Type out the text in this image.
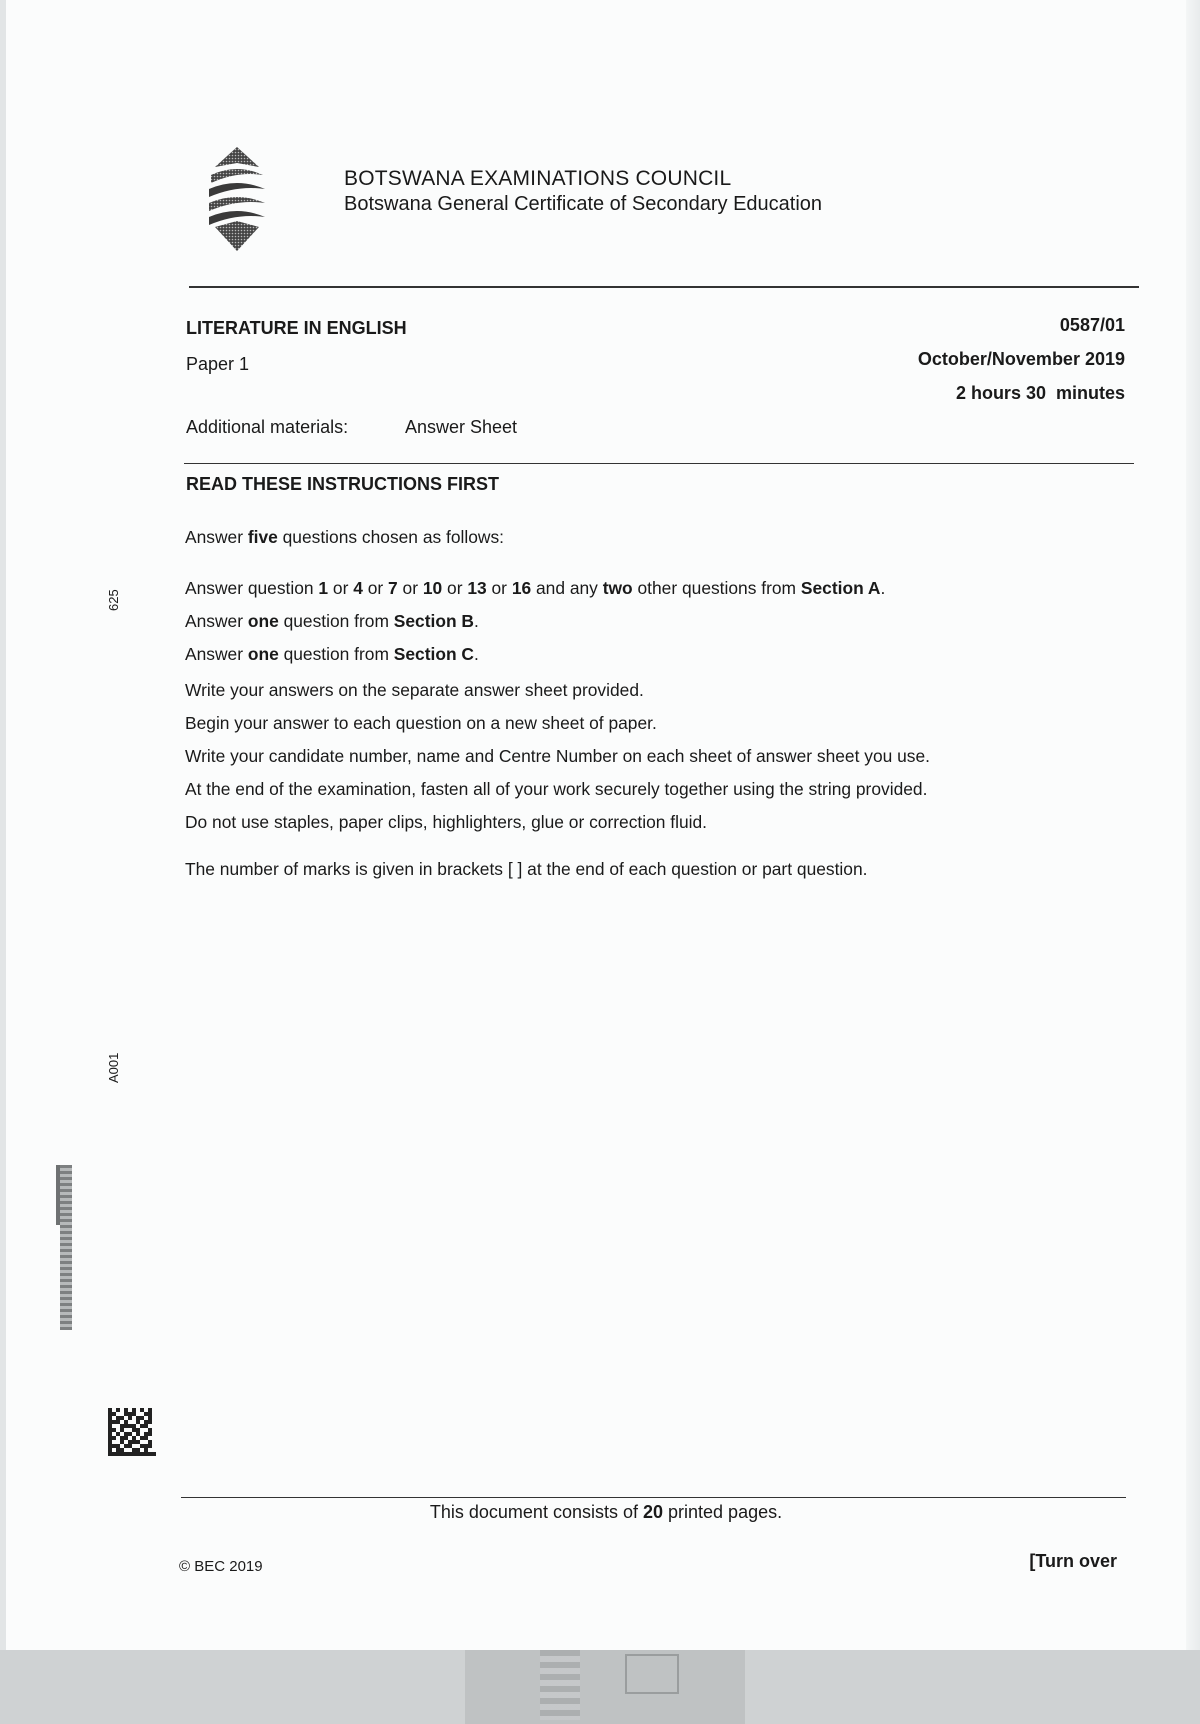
BOTSWANA EXAMINATIONS COUNCIL
Botswana General Certificate of Secondary Education
LITERATURE IN ENGLISH
Paper 1
0587/01
October/November 2019
2 hours 30  minutes
Additional materials:	Answer Sheet
READ THESE INSTRUCTIONS FIRST
Answer five questions chosen as follows:
Answer question 1 or 4 or 7 or 10 or 13 or 16 and any two other questions from Section A.
Answer one question from Section B.
Answer one question from Section C.
Write your answers on the separate answer sheet provided.
Begin your answer to each question on a new sheet of paper.
Write your candidate number, name and Centre Number on each sheet of answer sheet you use.
At the end of the examination, fasten all of your work securely together using the string provided.
Do not use staples, paper clips, highlighters, glue or correction fluid.
The number of marks is given in brackets [ ] at the end of each question or part question.
625
A001
This document consists of 20 printed pages.
© BEC 2019	[Turn over
